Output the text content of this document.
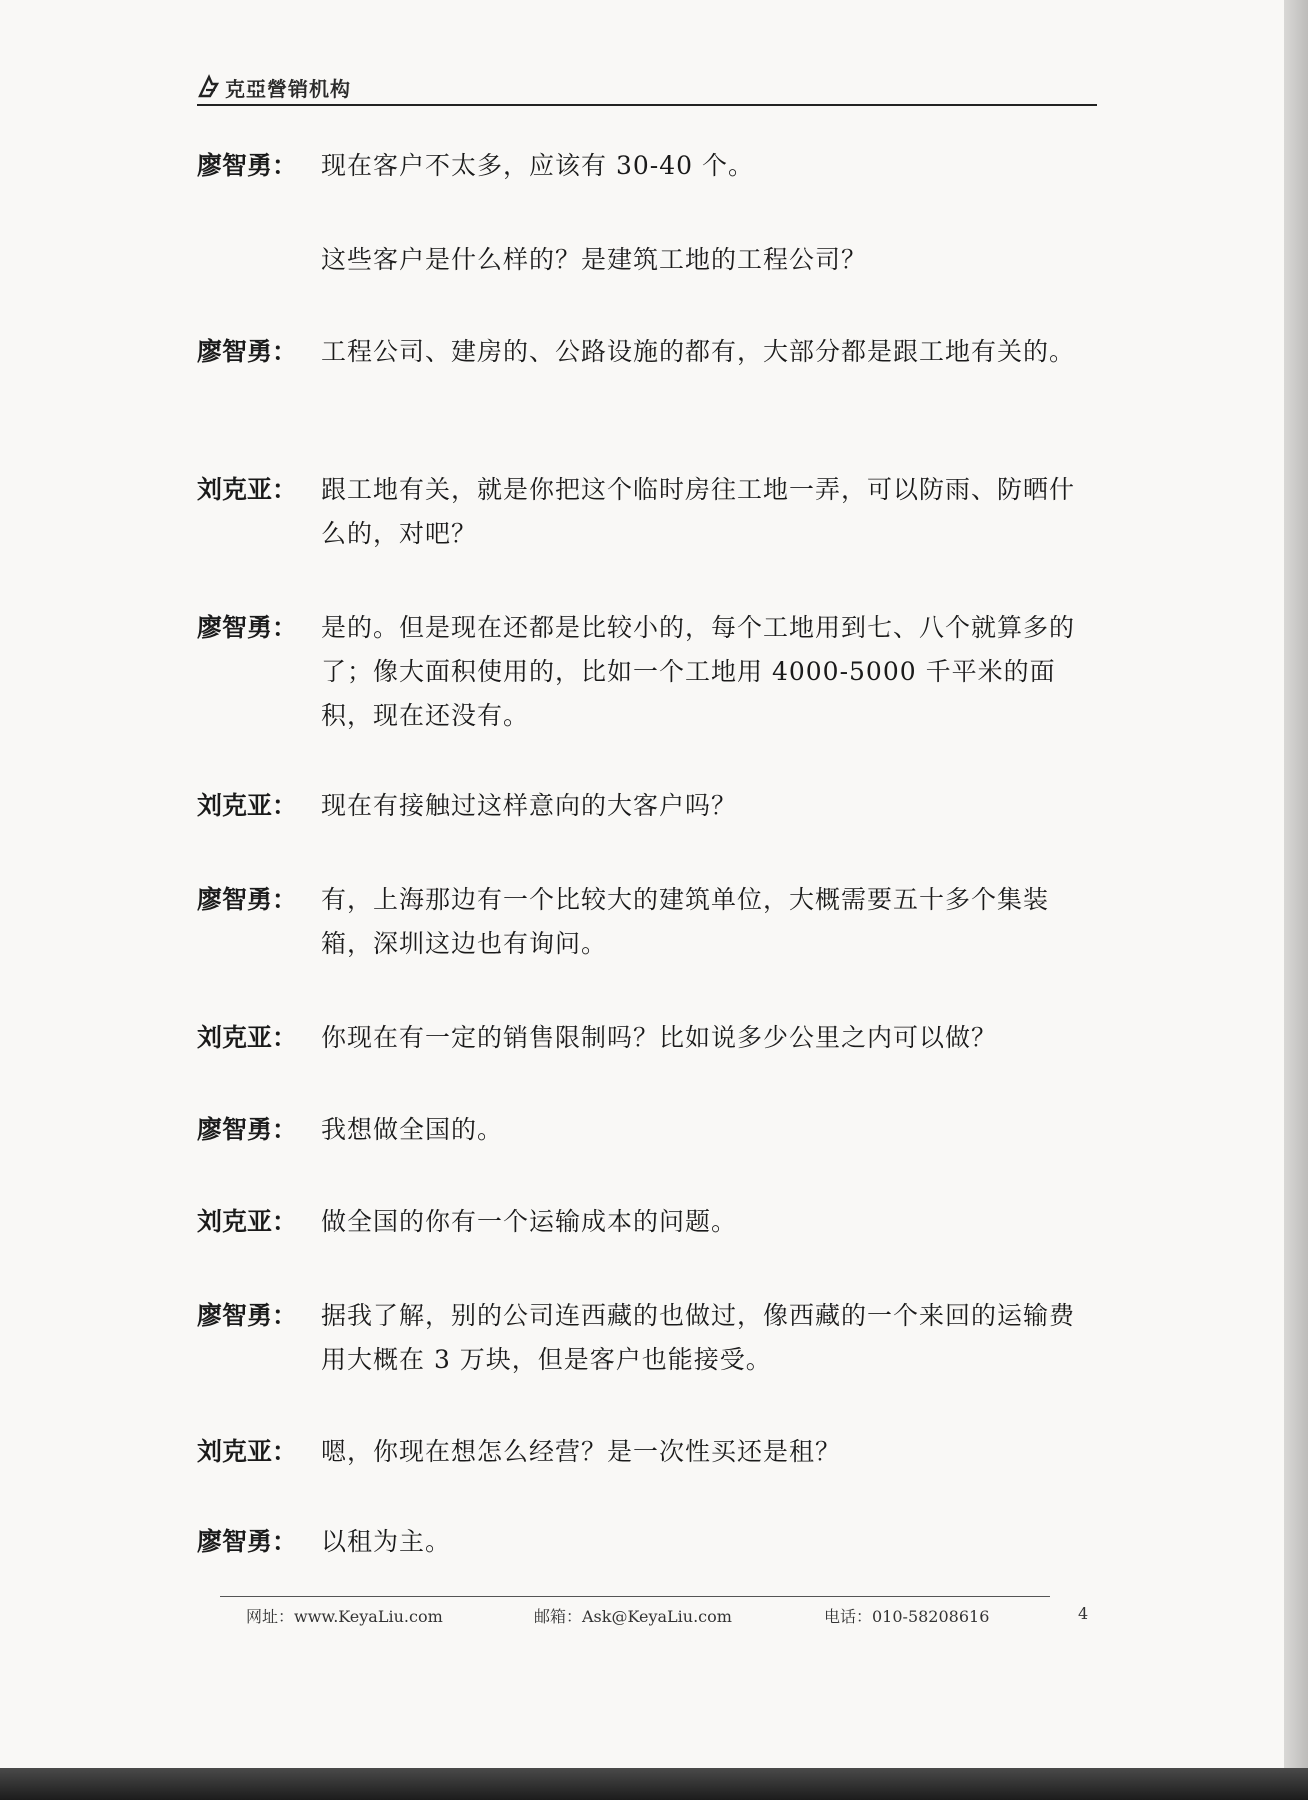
克亞營销机构
廖智勇： 现在客户不太多，应该有 30-40 个。
这些客户是什么样的？是建筑工地的工程公司？
廖智勇： 工程公司、建房的、公路设施的都有，大部分都是跟工地有关的。
刘克亚： 跟工地有关，就是你把这个临时房往工地一弄，可以防雨、防晒什么的，对吧？
廖智勇： 是的。但是现在还都是比较小的，每个工地用到七、八个就算多的了；像大面积使用的，比如一个工地用 4000-5000 千平米的面积，现在还没有。
刘克亚： 现在有接触过这样意向的大客户吗？
廖智勇： 有，上海那边有一个比较大的建筑单位，大概需要五十多个集装箱，深圳这边也有询问。
刘克亚： 你现在有一定的销售限制吗？比如说多少公里之内可以做？
廖智勇： 我想做全国的。
刘克亚： 做全国的你有一个运输成本的问题。
廖智勇： 据我了解，别的公司连西藏的也做过，像西藏的一个来回的运输费用大概在 3 万块，但是客户也能接受。
刘克亚： 嗯，你现在想怎么经营？是一次性买还是租？
廖智勇： 以租为主。
网址：www.KeyaLiu.com	邮箱：Ask@KeyaLiu.com	电话：010-58208616	4
